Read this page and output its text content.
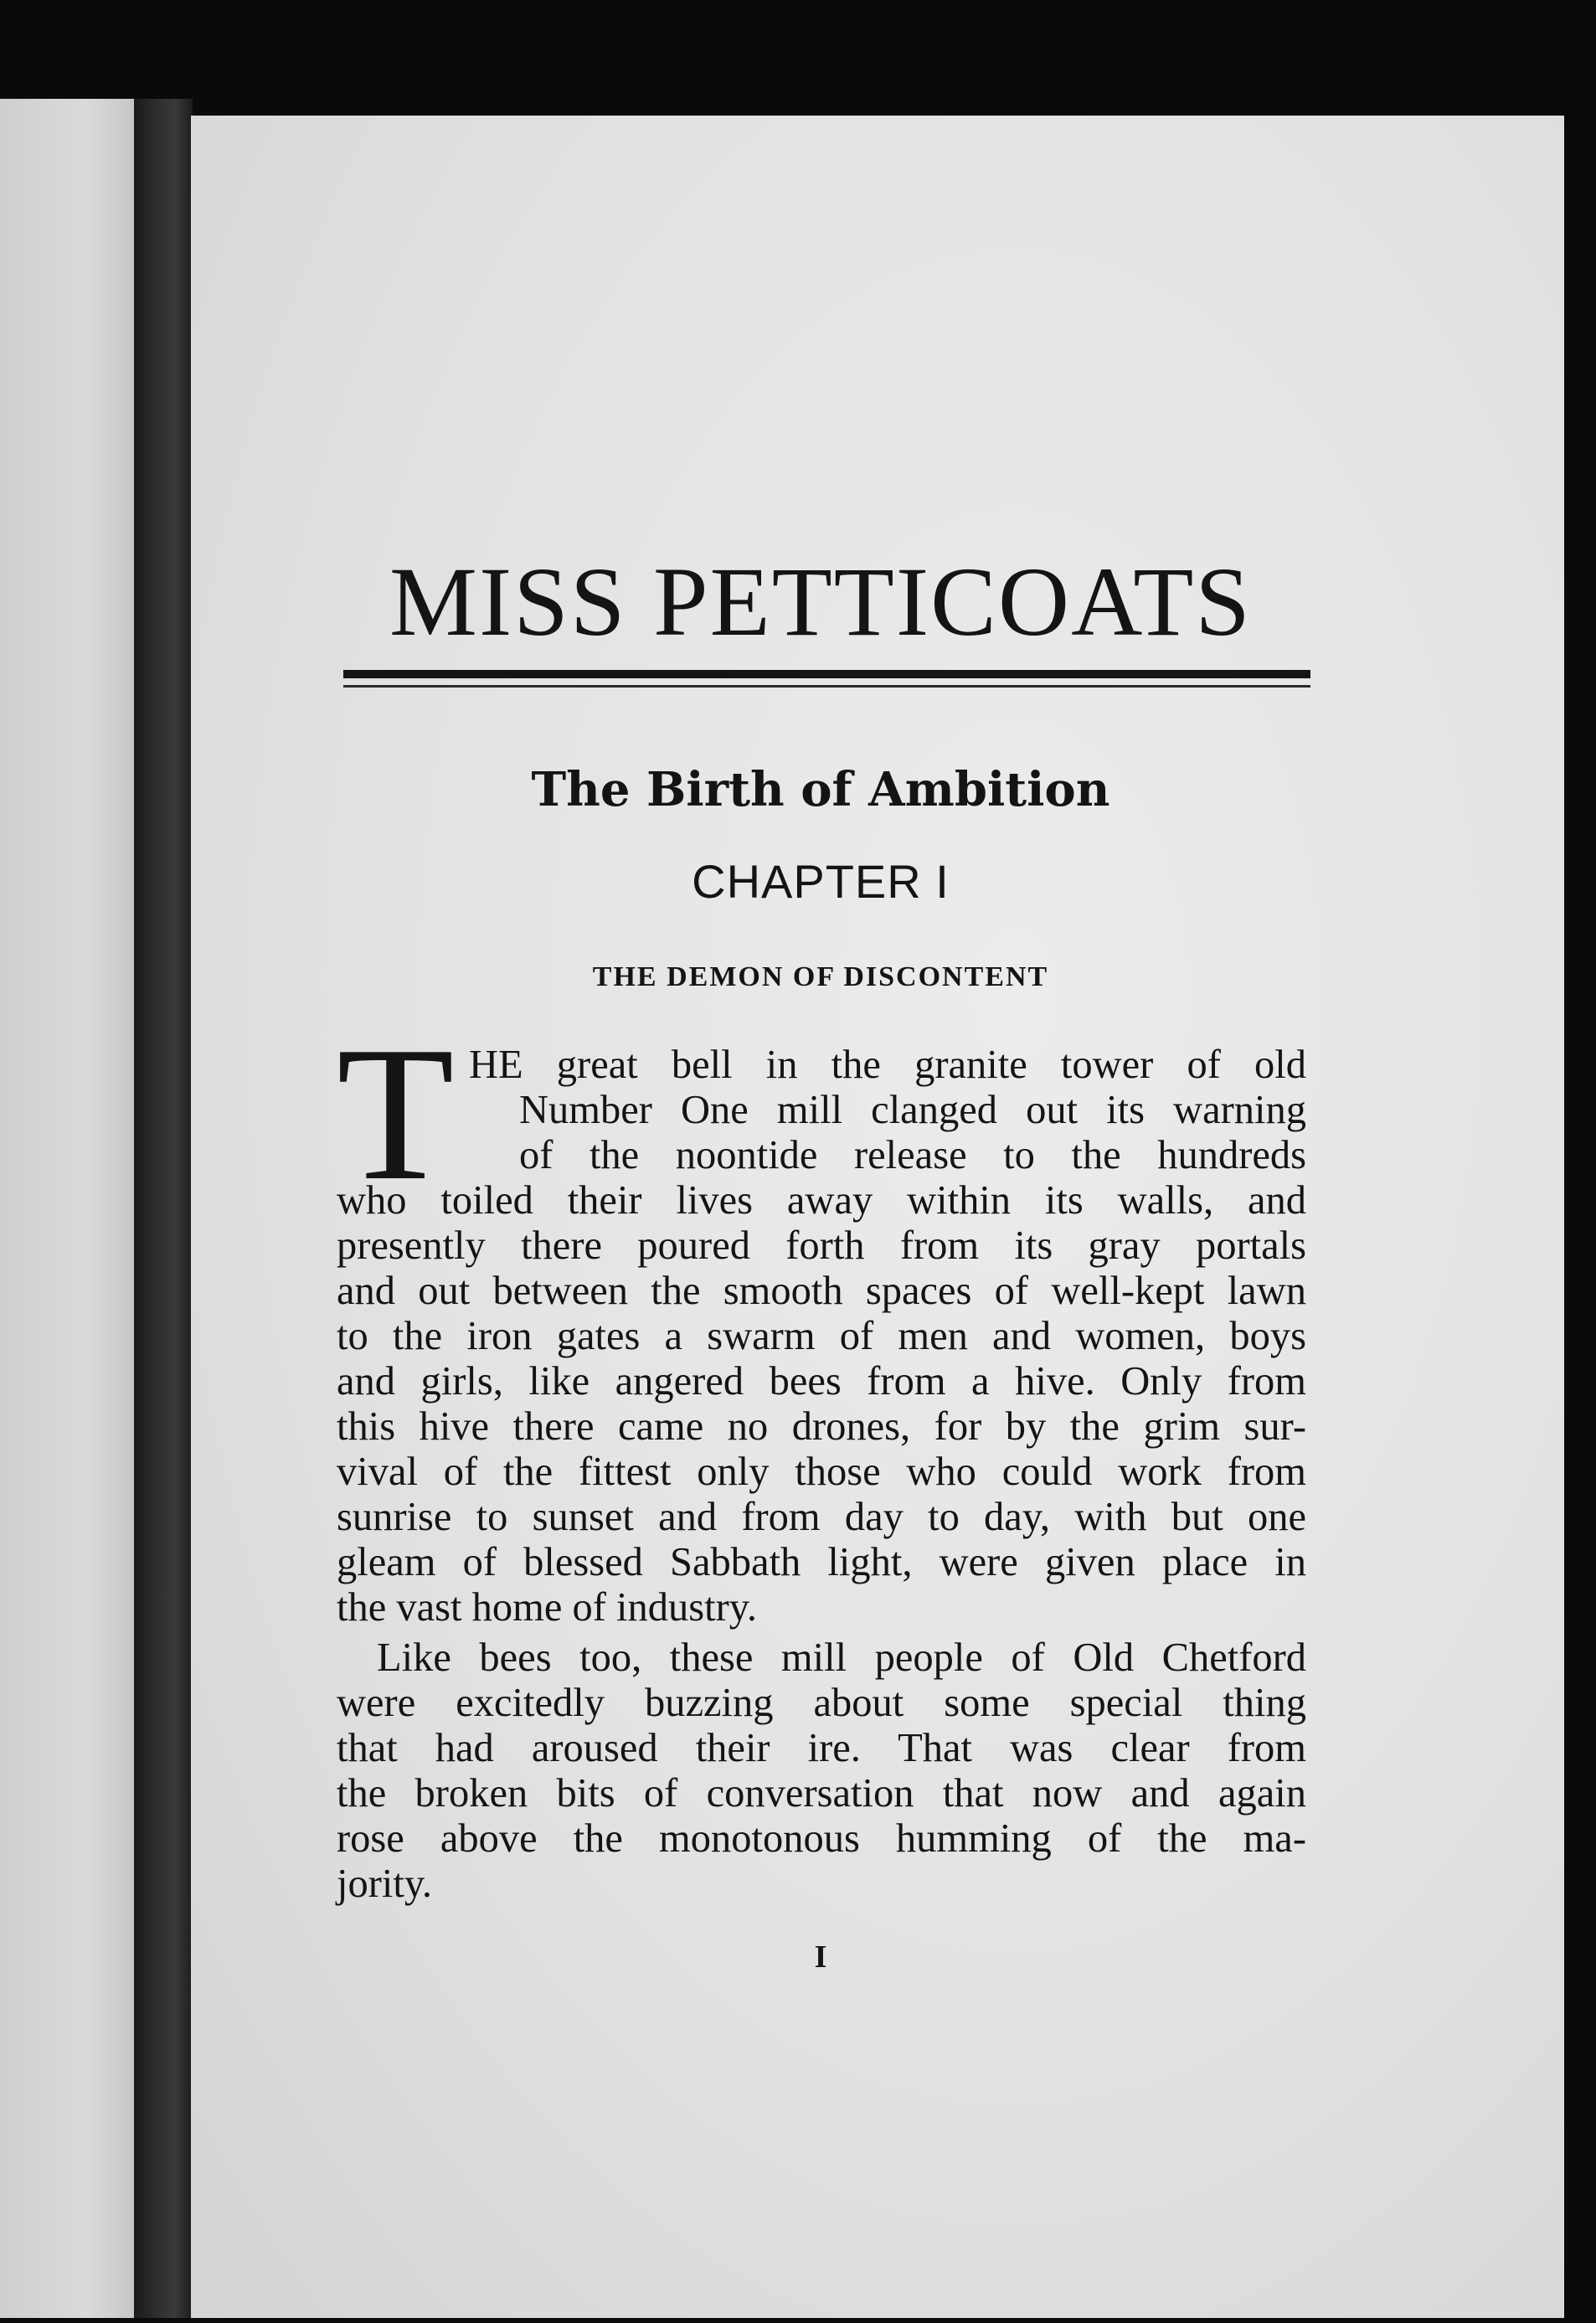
MISS PETTICOATS
The Birth of Ambition
CHAPTER I
THE DEMON OF DISCONTENT
T HE great bell in the granite tower of old
Number One mill clanged out its warning
of the noontide release to the hundreds
who toiled their lives away within its walls, and
presently there poured forth from its gray portals
and out between the smooth spaces of well-kept lawn
to the iron gates a swarm of men and women, boys
and girls, like angered bees from a hive. Only from
this hive there came no drones, for by the grim sur-
vival of the fittest only those who could work from
sunrise to sunset and from day to day, with but one
gleam of blessed Sabbath light, were given place in
the vast home of industry.
Like bees too, these mill people of Old Chetford
were excitedly buzzing about some special thing
that had aroused their ire. That was clear from
the broken bits of conversation that now and again
rose above the monotonous humming of the ma-
jority.
I
